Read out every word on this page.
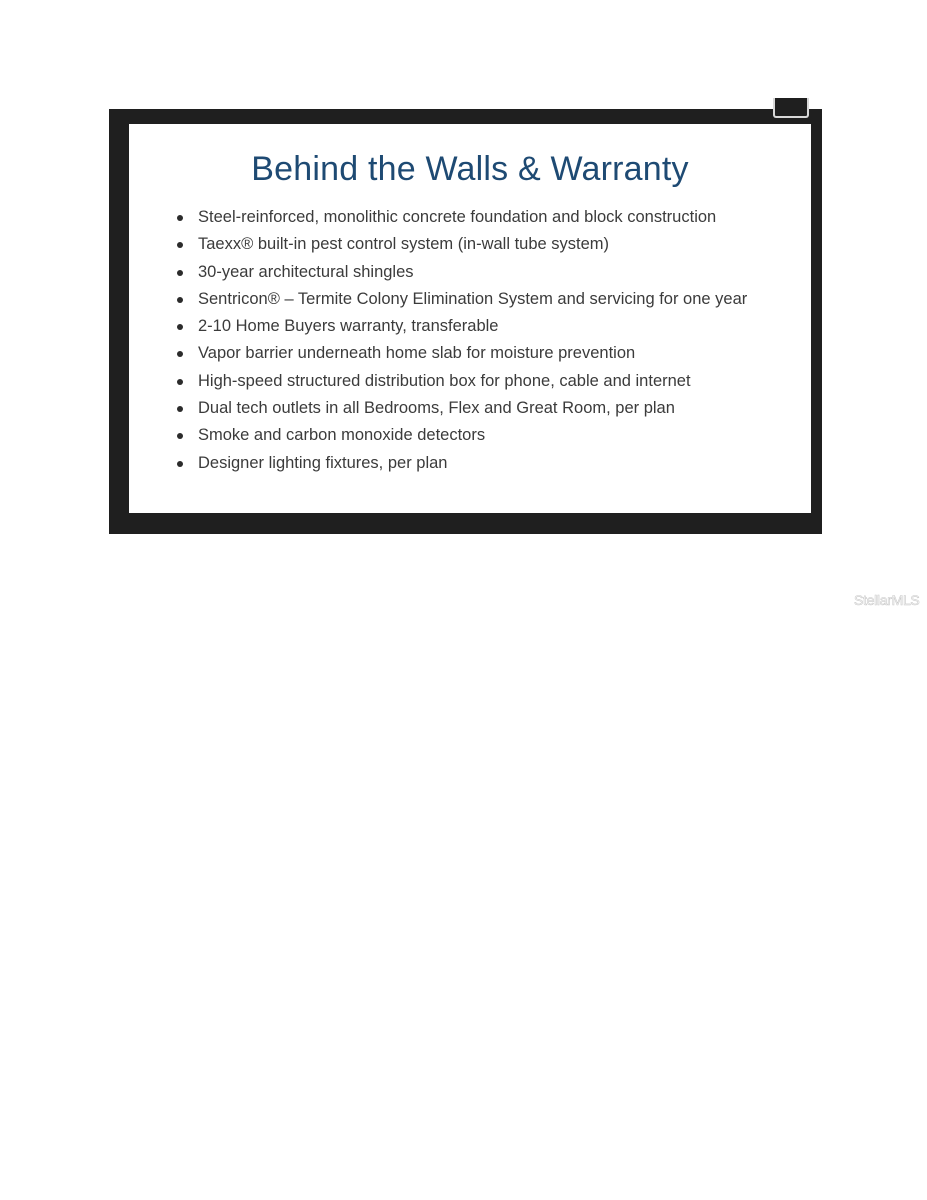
Behind the Walls & Warranty
Steel-reinforced, monolithic concrete foundation and block construction
Taexx® built-in pest control system (in-wall tube system)
30-year architectural shingles
Sentricon® – Termite Colony Elimination System and servicing for one year
2-10 Home Buyers warranty, transferable
Vapor barrier underneath home slab for moisture prevention
High-speed structured distribution box for phone, cable and internet
Dual tech outlets in all Bedrooms, Flex and Great Room, per plan
Smoke and carbon monoxide detectors
Designer lighting fixtures, per plan
StellarMLS
